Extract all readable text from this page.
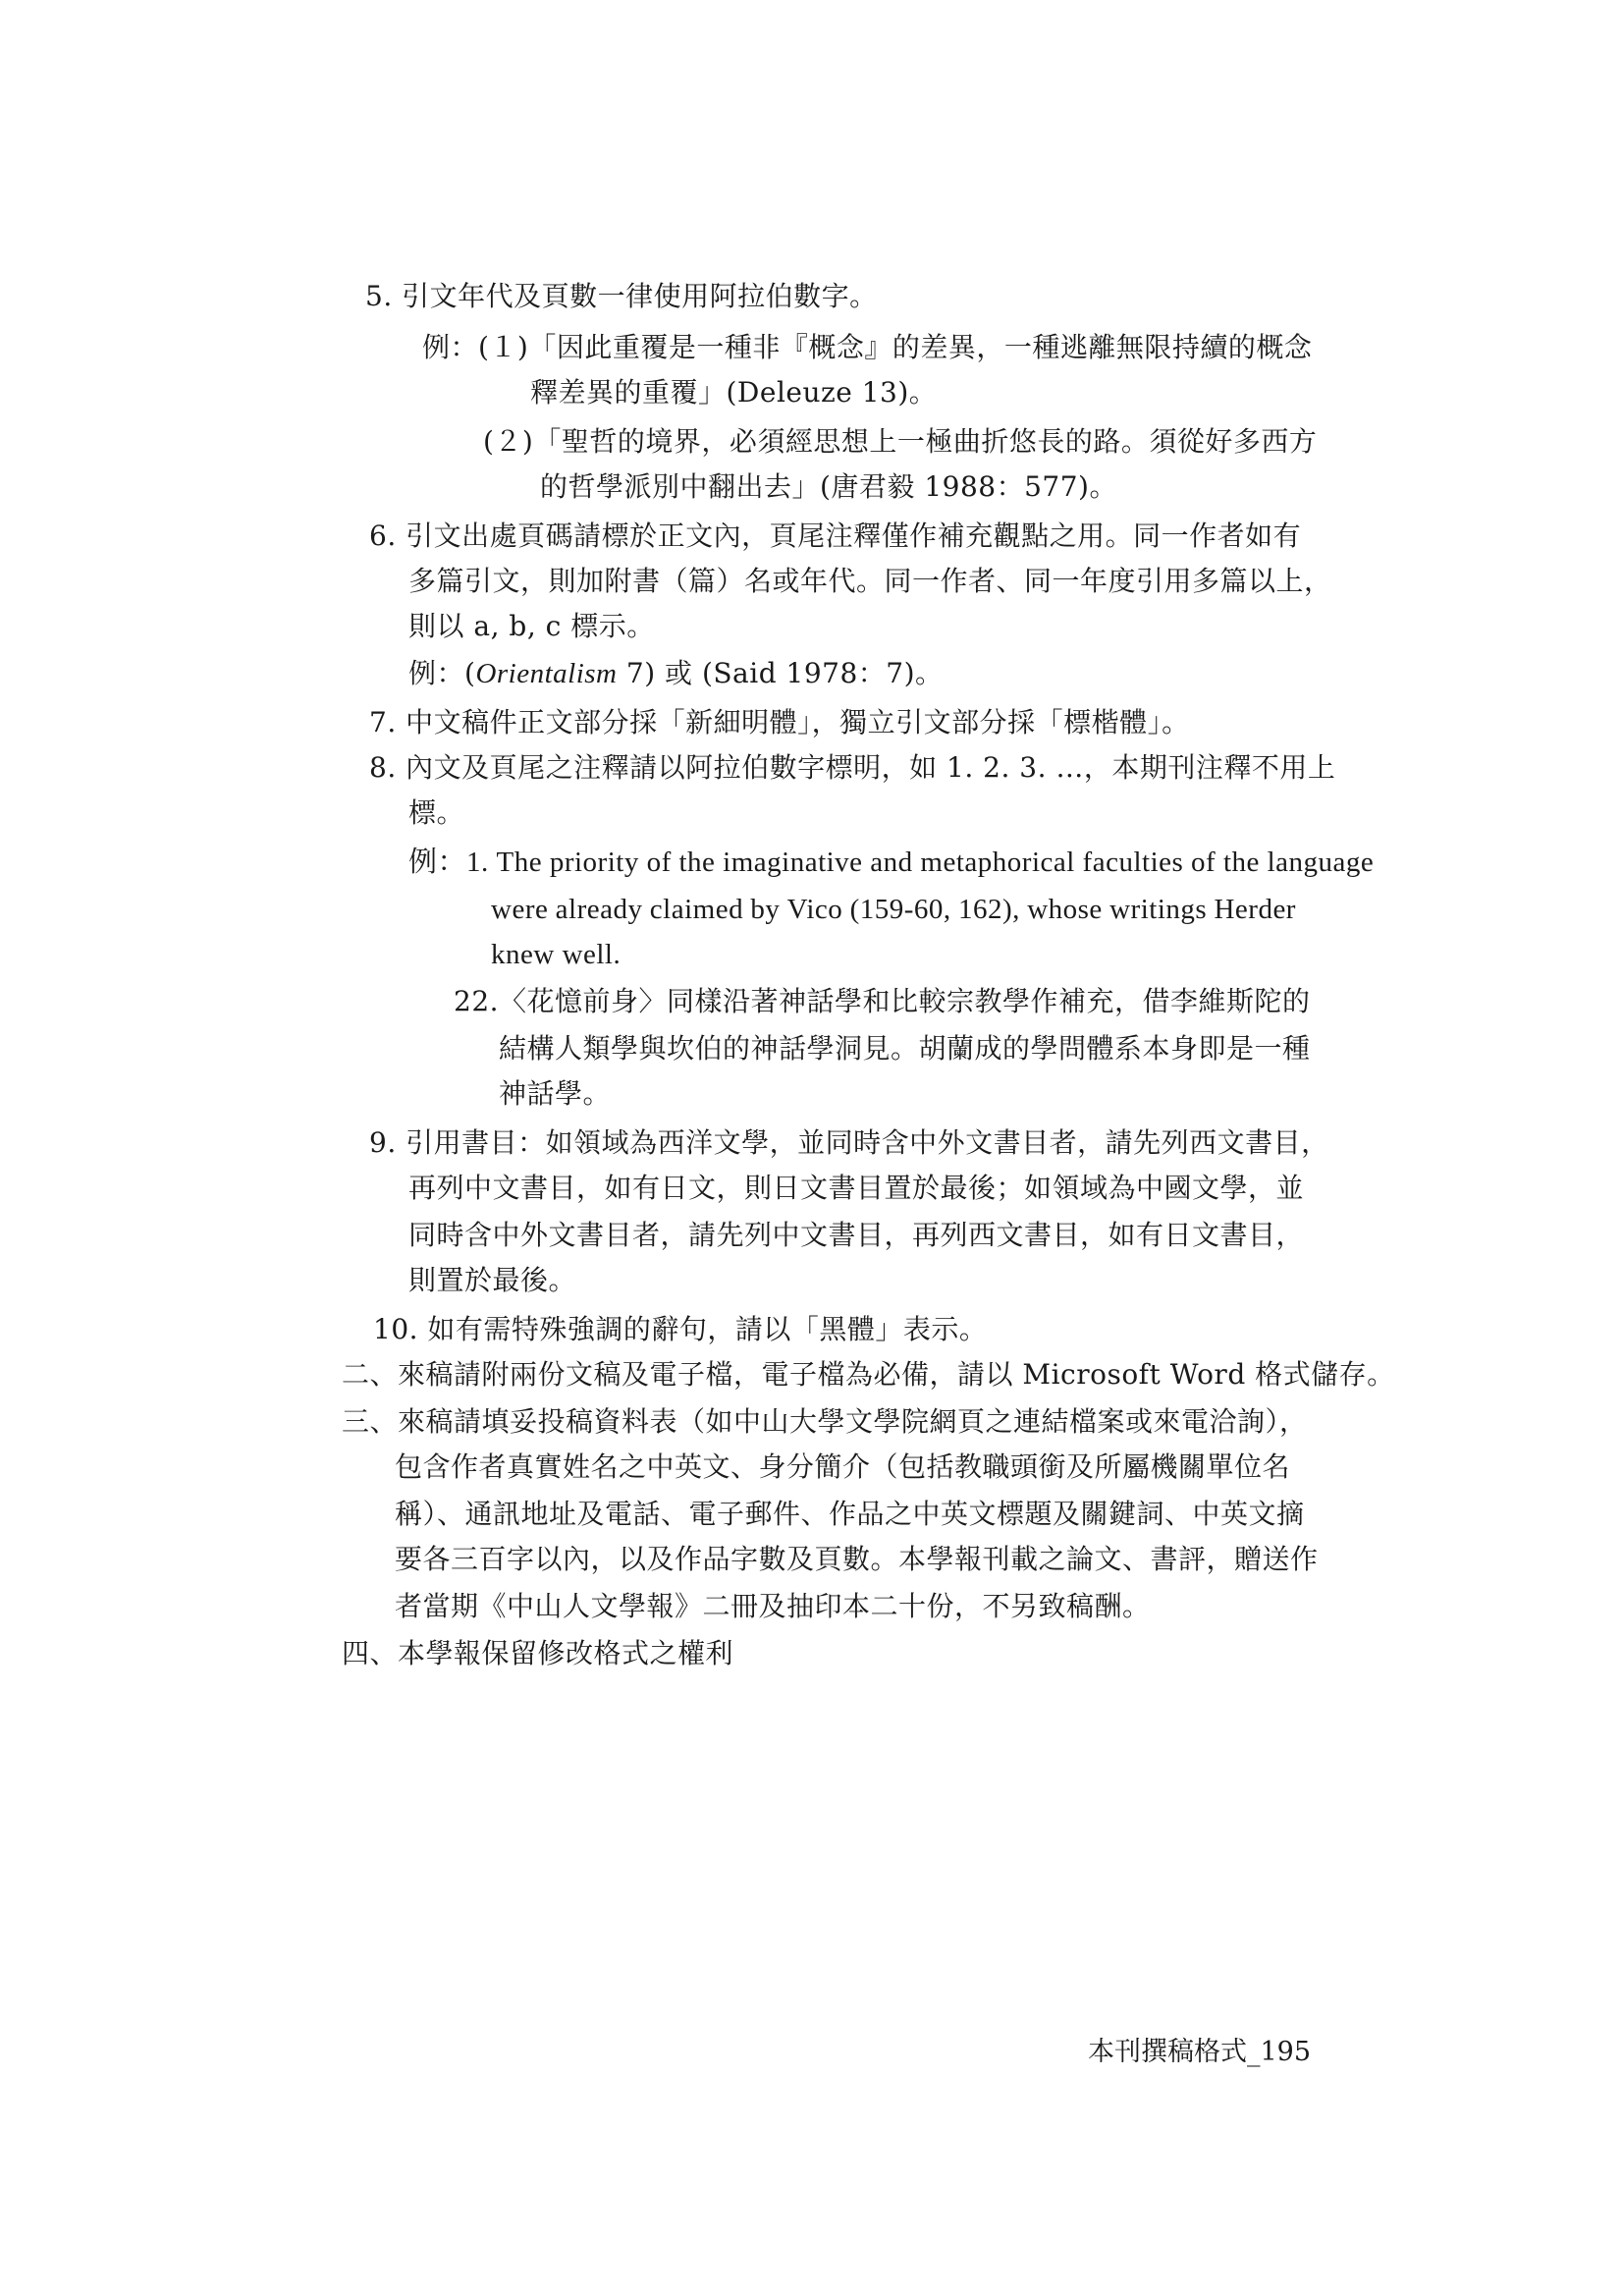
5. 引文年代及頁數一律使用阿拉伯數字。
例：(１)「因此重覆是一種非『概念』的差異，一種逃離無限持續的概念
釋差異的重覆」(Deleuze 13)。
(２)「聖哲的境界，必須經思想上一極曲折悠長的路。須從好多西方
的哲學派別中翻出去」(唐君毅 1988：577)。
6. 引文出處頁碼請標於正文內，頁尾注釋僅作補充觀點之用。同一作者如有
多篇引文，則加附書（篇）名或年代。同一作者、同一年度引用多篇以上，
則以 a, b, c 標示。
例：(Orientalism 7) 或 (Said 1978：7)。
7. 中文稿件正文部分採「新細明體」，獨立引文部分採「標楷體」。
8. 內文及頁尾之注釋請以阿拉伯數字標明，如 1. 2. 3. …，本期刊注釋不用上
標。
例：1. The priority of the imaginative and metaphorical faculties of the language
were already claimed by Vico (159-60, 162), whose writings Herder
knew well.
22.〈花憶前身〉同樣沿著神話學和比較宗教學作補充，借李維斯陀的
結構人類學與坎伯的神話學洞見。胡蘭成的學問體系本身即是一種
神話學。
9. 引用書目：如領域為西洋文學，並同時含中外文書目者，請先列西文書目，
再列中文書目，如有日文，則日文書目置於最後；如領域為中國文學，並
同時含中外文書目者，請先列中文書目，再列西文書目，如有日文書目，
則置於最後。
10. 如有需特殊強調的辭句，請以「黑體」表示。
二、來稿請附兩份文稿及電子檔，電子檔為必備，請以 Microsoft Word 格式儲存。
三、來稿請填妥投稿資料表（如中山大學文學院網頁之連結檔案或來電洽詢），
包含作者真實姓名之中英文、身分簡介（包括教職頭銜及所屬機關單位名
稱）、通訊地址及電話、電子郵件、作品之中英文標題及關鍵詞、中英文摘
要各三百字以內，以及作品字數及頁數。本學報刊載之論文、書評，贈送作
者當期《中山人文學報》二冊及抽印本二十份，不另致稿酬。
四、本學報保留修改格式之權利
本刊撰稿格式_195
